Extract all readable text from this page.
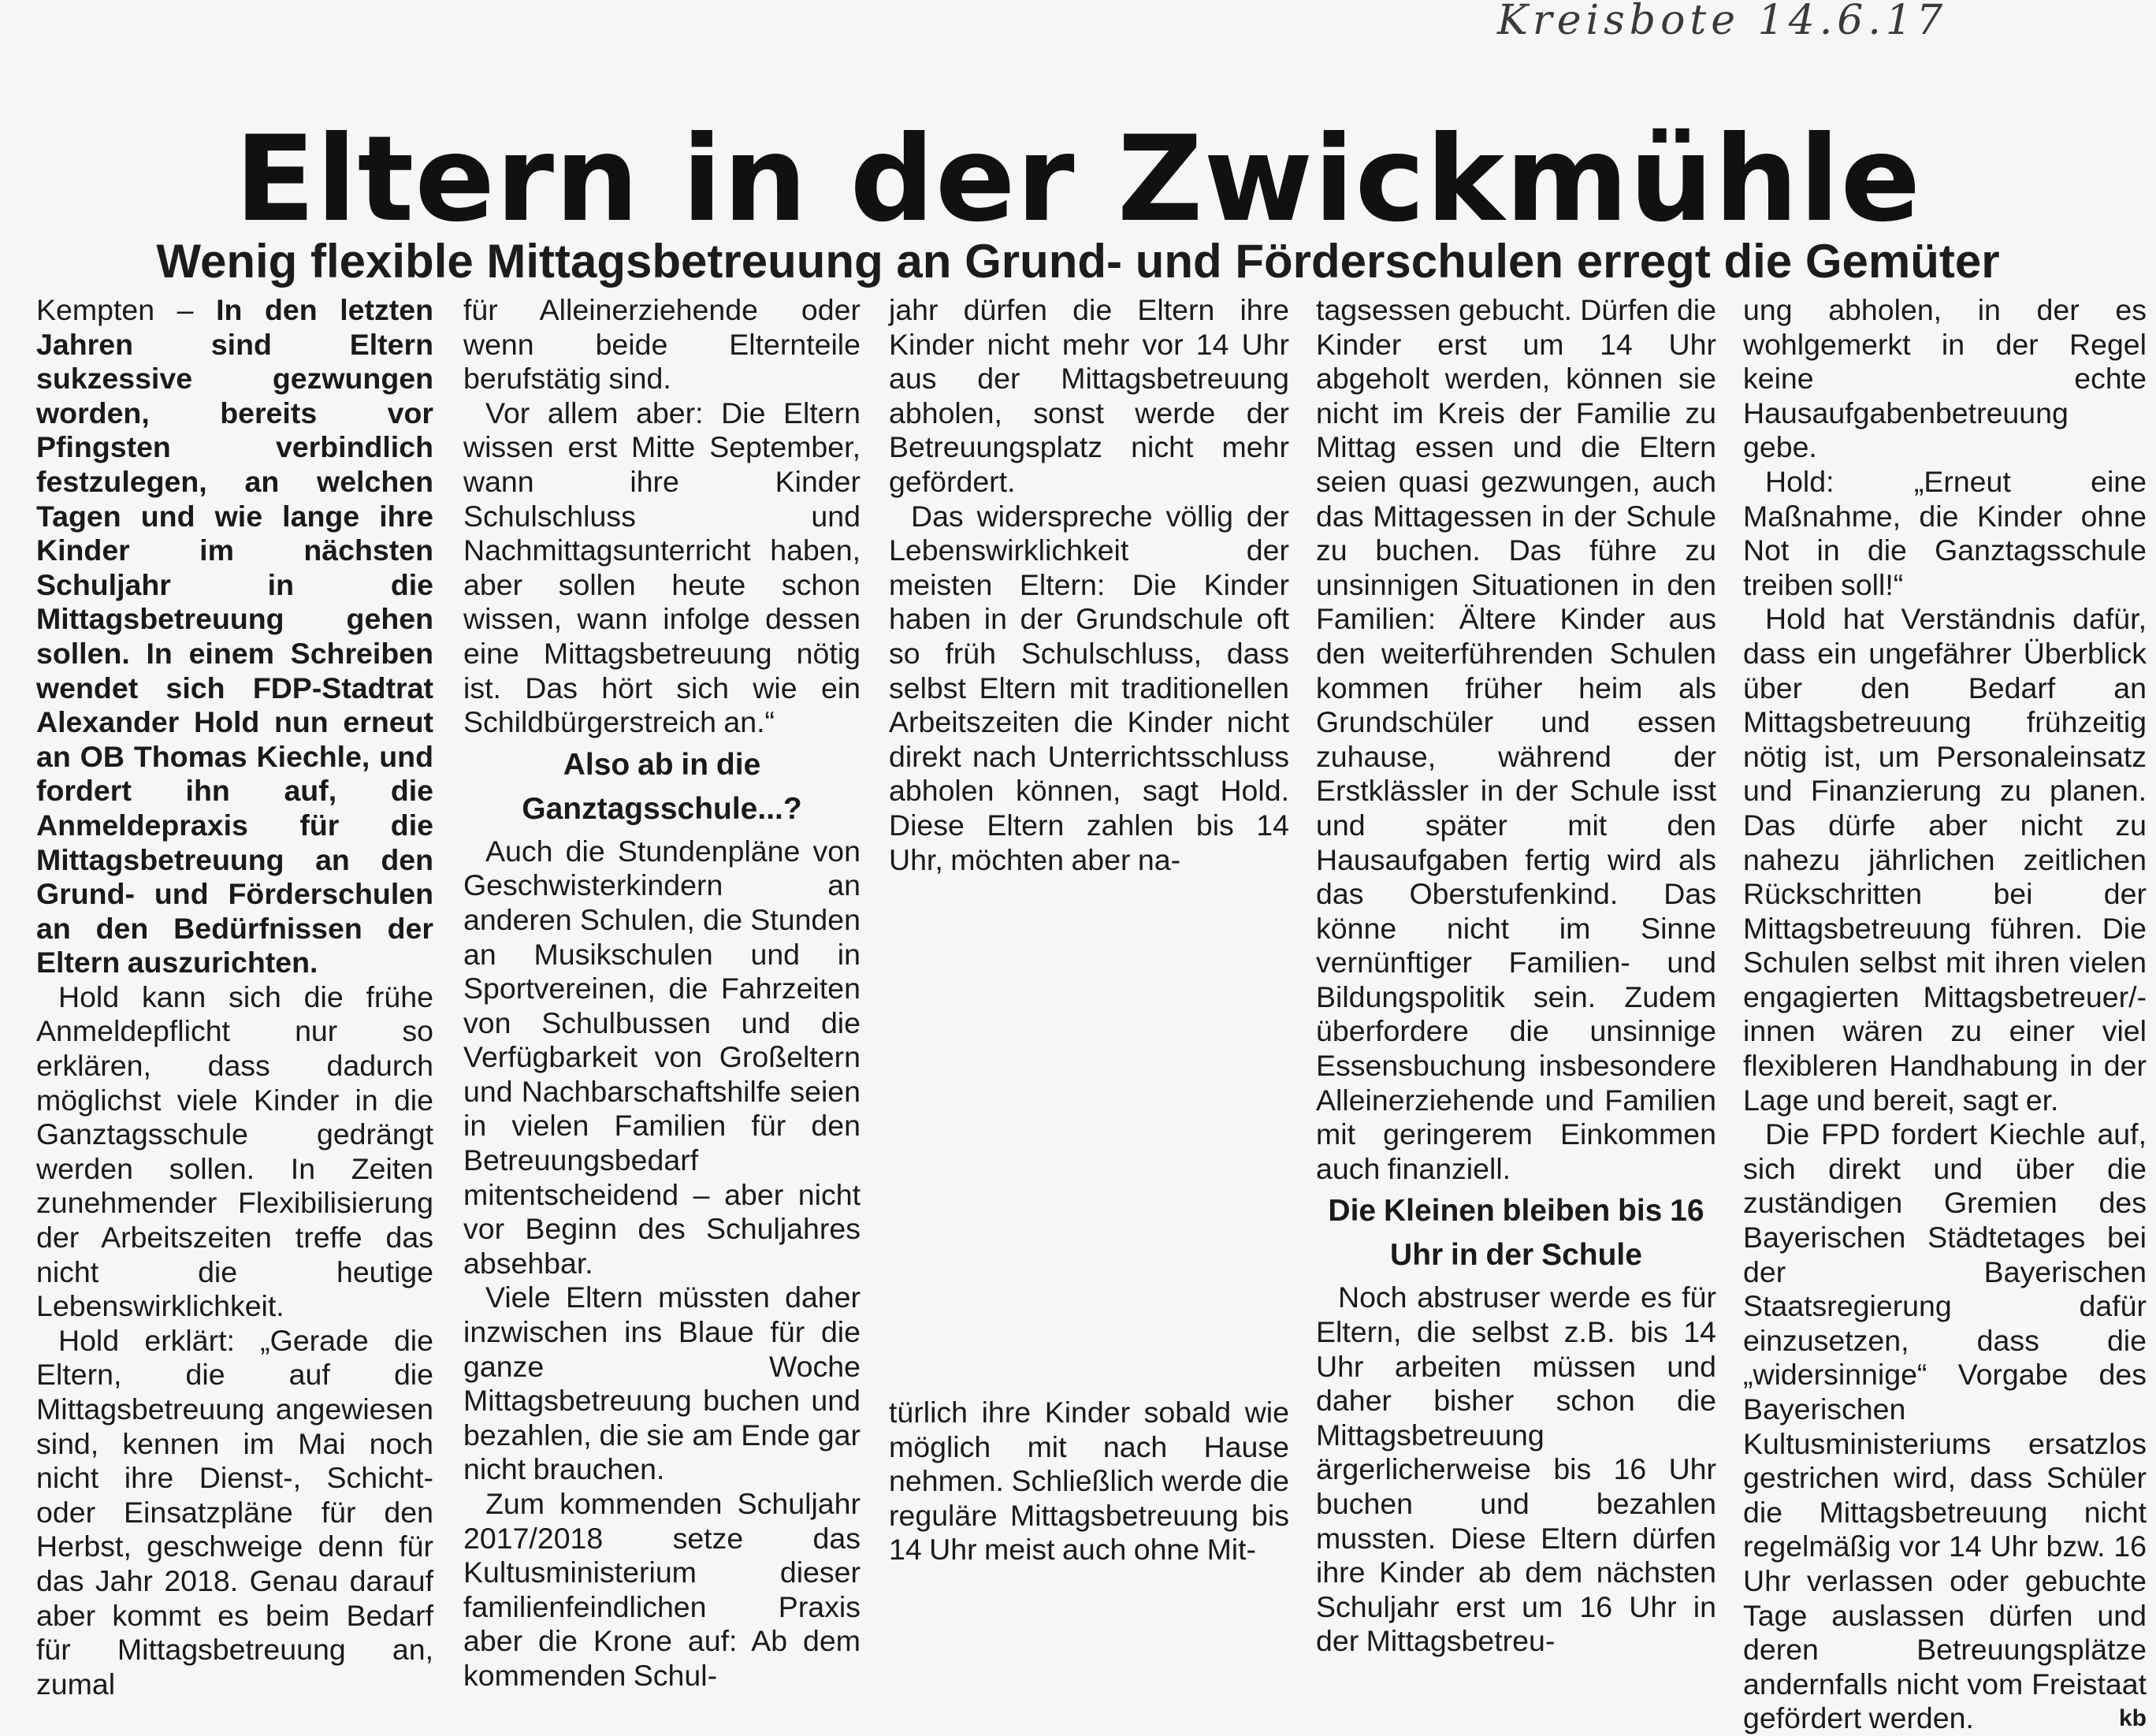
Kreisbote 14.6.17
Eltern in der Zwickmühle
Wenig flexible Mittagsbetreuung an Grund- und Förderschulen erregt die Gemüter

Kempten – In den letzten Jahren sind Eltern sukzessive gezwungen worden, bereits vor Pfingsten verbindlich festzulegen, an welchen Tagen und wie lange ihre Kinder im nächsten Schuljahr in die Mittagsbetreuung gehen sollen. In einem Schreiben wendet sich FDP-Stadtrat Alexander Hold nun erneut an OB Thomas Kiechle, und fordert ihn auf, die Anmeldepraxis für die Mittagsbetreuung an den Grund- und Förderschulen an den Bedürfnissen der Eltern auszurichten.

Hold kann sich die frühe Anmeldepflicht nur so erklären, dass dadurch möglichst viele Kinder in die Ganztagsschule gedrängt werden sollen. In Zeiten zunehmender Flexibilisierung der Arbeitszeiten treffe das nicht die heutige Lebenswirklichkeit.

Hold erklärt: „Gerade die Eltern, die auf die Mittagsbetreuung angewiesen sind, kennen im Mai noch nicht ihre Dienst-, Schicht- oder Einsatzpläne für den Herbst, geschweige denn für das Jahr 2018. Genau darauf aber kommt es beim Bedarf für Mittagsbetreuung an, zumal

für Alleinerziehende oder wenn beide Elternteile berufstätig sind.

Vor allem aber: Die Eltern wissen erst Mitte September, wann ihre Kinder Schulschluss und Nachmittagsunterricht haben, aber sollen heute schon wissen, wann infolge dessen eine Mittagsbetreuung nötig ist. Das hört sich wie ein Schildbürgerstreich an.“

Also ab in die Ganztagsschule...?

Auch die Stundenpläne von Geschwisterkindern an anderen Schulen, die Stunden an Musikschulen und in Sportvereinen, die Fahrzeiten von Schulbussen und die Verfügbarkeit von Großeltern und Nachbarschaftshilfe seien in vielen Familien für den Betreuungsbedarf mitentscheidend – aber nicht vor Beginn des Schuljahres absehbar.

Viele Eltern müssten daher inzwischen ins Blaue für die ganze Woche Mittagsbetreuung buchen und bezahlen, die sie am Ende gar nicht brauchen.

Zum kommenden Schuljahr 2017/2018 setze das Kultusministerium dieser familienfeindlichen Praxis aber die Krone auf: Ab dem kommenden Schul-

jahr dürfen die Eltern ihre Kinder nicht mehr vor 14 Uhr aus der Mittagsbetreuung abholen, sonst werde der Betreuungsplatz nicht mehr gefördert.

Das widerspreche völlig der Lebenswirklichkeit der meisten Eltern: Die Kinder haben in der Grundschule oft so früh Schulschluss, dass selbst Eltern mit traditionellen Arbeitszeiten die Kinder nicht direkt nach Unterrichtsschluss abholen können, sagt Hold. Diese Eltern zahlen bis 14 Uhr, möchten aber na-

türlich ihre Kinder sobald wie möglich mit nach Hause nehmen. Schließlich werde die reguläre Mittagsbetreuung bis 14 Uhr meist auch ohne Mit-

tagsessen gebucht. Dürfen die Kinder erst um 14 Uhr abgeholt werden, können sie nicht im Kreis der Familie zu Mittag essen und die Eltern seien quasi gezwungen, auch das Mittagessen in der Schule zu buchen. Das führe zu unsinnigen Situationen in den Familien: Ältere Kinder aus den weiterführenden Schulen kommen früher heim als Grundschüler und essen zuhause, während der Erstklässler in der Schule isst und später mit den Hausaufgaben fertig wird als das Oberstufenkind. Das könne nicht im Sinne vernünftiger Familien- und Bildungspolitik sein. Zudem überfordere die unsinnige Essensbuchung insbesondere Alleinerziehende und Familien mit geringerem Einkommen auch finanziell.

Die Kleinen bleiben bis 16 Uhr in der Schule

Noch abstruser werde es für Eltern, die selbst z.B. bis 14 Uhr arbeiten müssen und daher bisher schon die Mittagsbetreuung ärgerlicherweise bis 16 Uhr buchen und bezahlen mussten. Diese Eltern dürfen ihre Kinder ab dem nächsten Schuljahr erst um 16 Uhr in der Mittagsbetreu-

ung abholen, in der es wohlgemerkt in der Regel keine echte Hausaufgabenbetreuung gebe.

Hold: „Erneut eine Maßnahme, die Kinder ohne Not in die Ganztagsschule treiben soll!“

Hold hat Verständnis dafür, dass ein ungefährer Überblick über den Bedarf an Mittagsbetreuung frühzeitig nötig ist, um Personaleinsatz und Finanzierung zu planen. Das dürfe aber nicht zu nahezu jährlichen zeitlichen Rückschritten bei der Mittagsbetreuung führen. Die Schulen selbst mit ihren vielen engagierten Mittagsbetreuer/-innen wären zu einer viel flexibleren Handhabung in der Lage und bereit, sagt er.

Die FPD fordert Kiechle auf, sich direkt und über die zuständigen Gremien des Bayerischen Städtetages bei der Bayerischen Staatsregierung dafür einzusetzen, dass die „widersinnige“ Vorgabe des Bayerischen Kultusministeriums ersatzlos gestrichen wird, dass Schüler die Mittagsbetreuung nicht regelmäßig vor 14 Uhr bzw. 16 Uhr verlassen oder gebuchte Tage auslassen dürfen und deren Betreuungsplätze andernfalls nicht vom Freistaat gefördert werden.	kb
